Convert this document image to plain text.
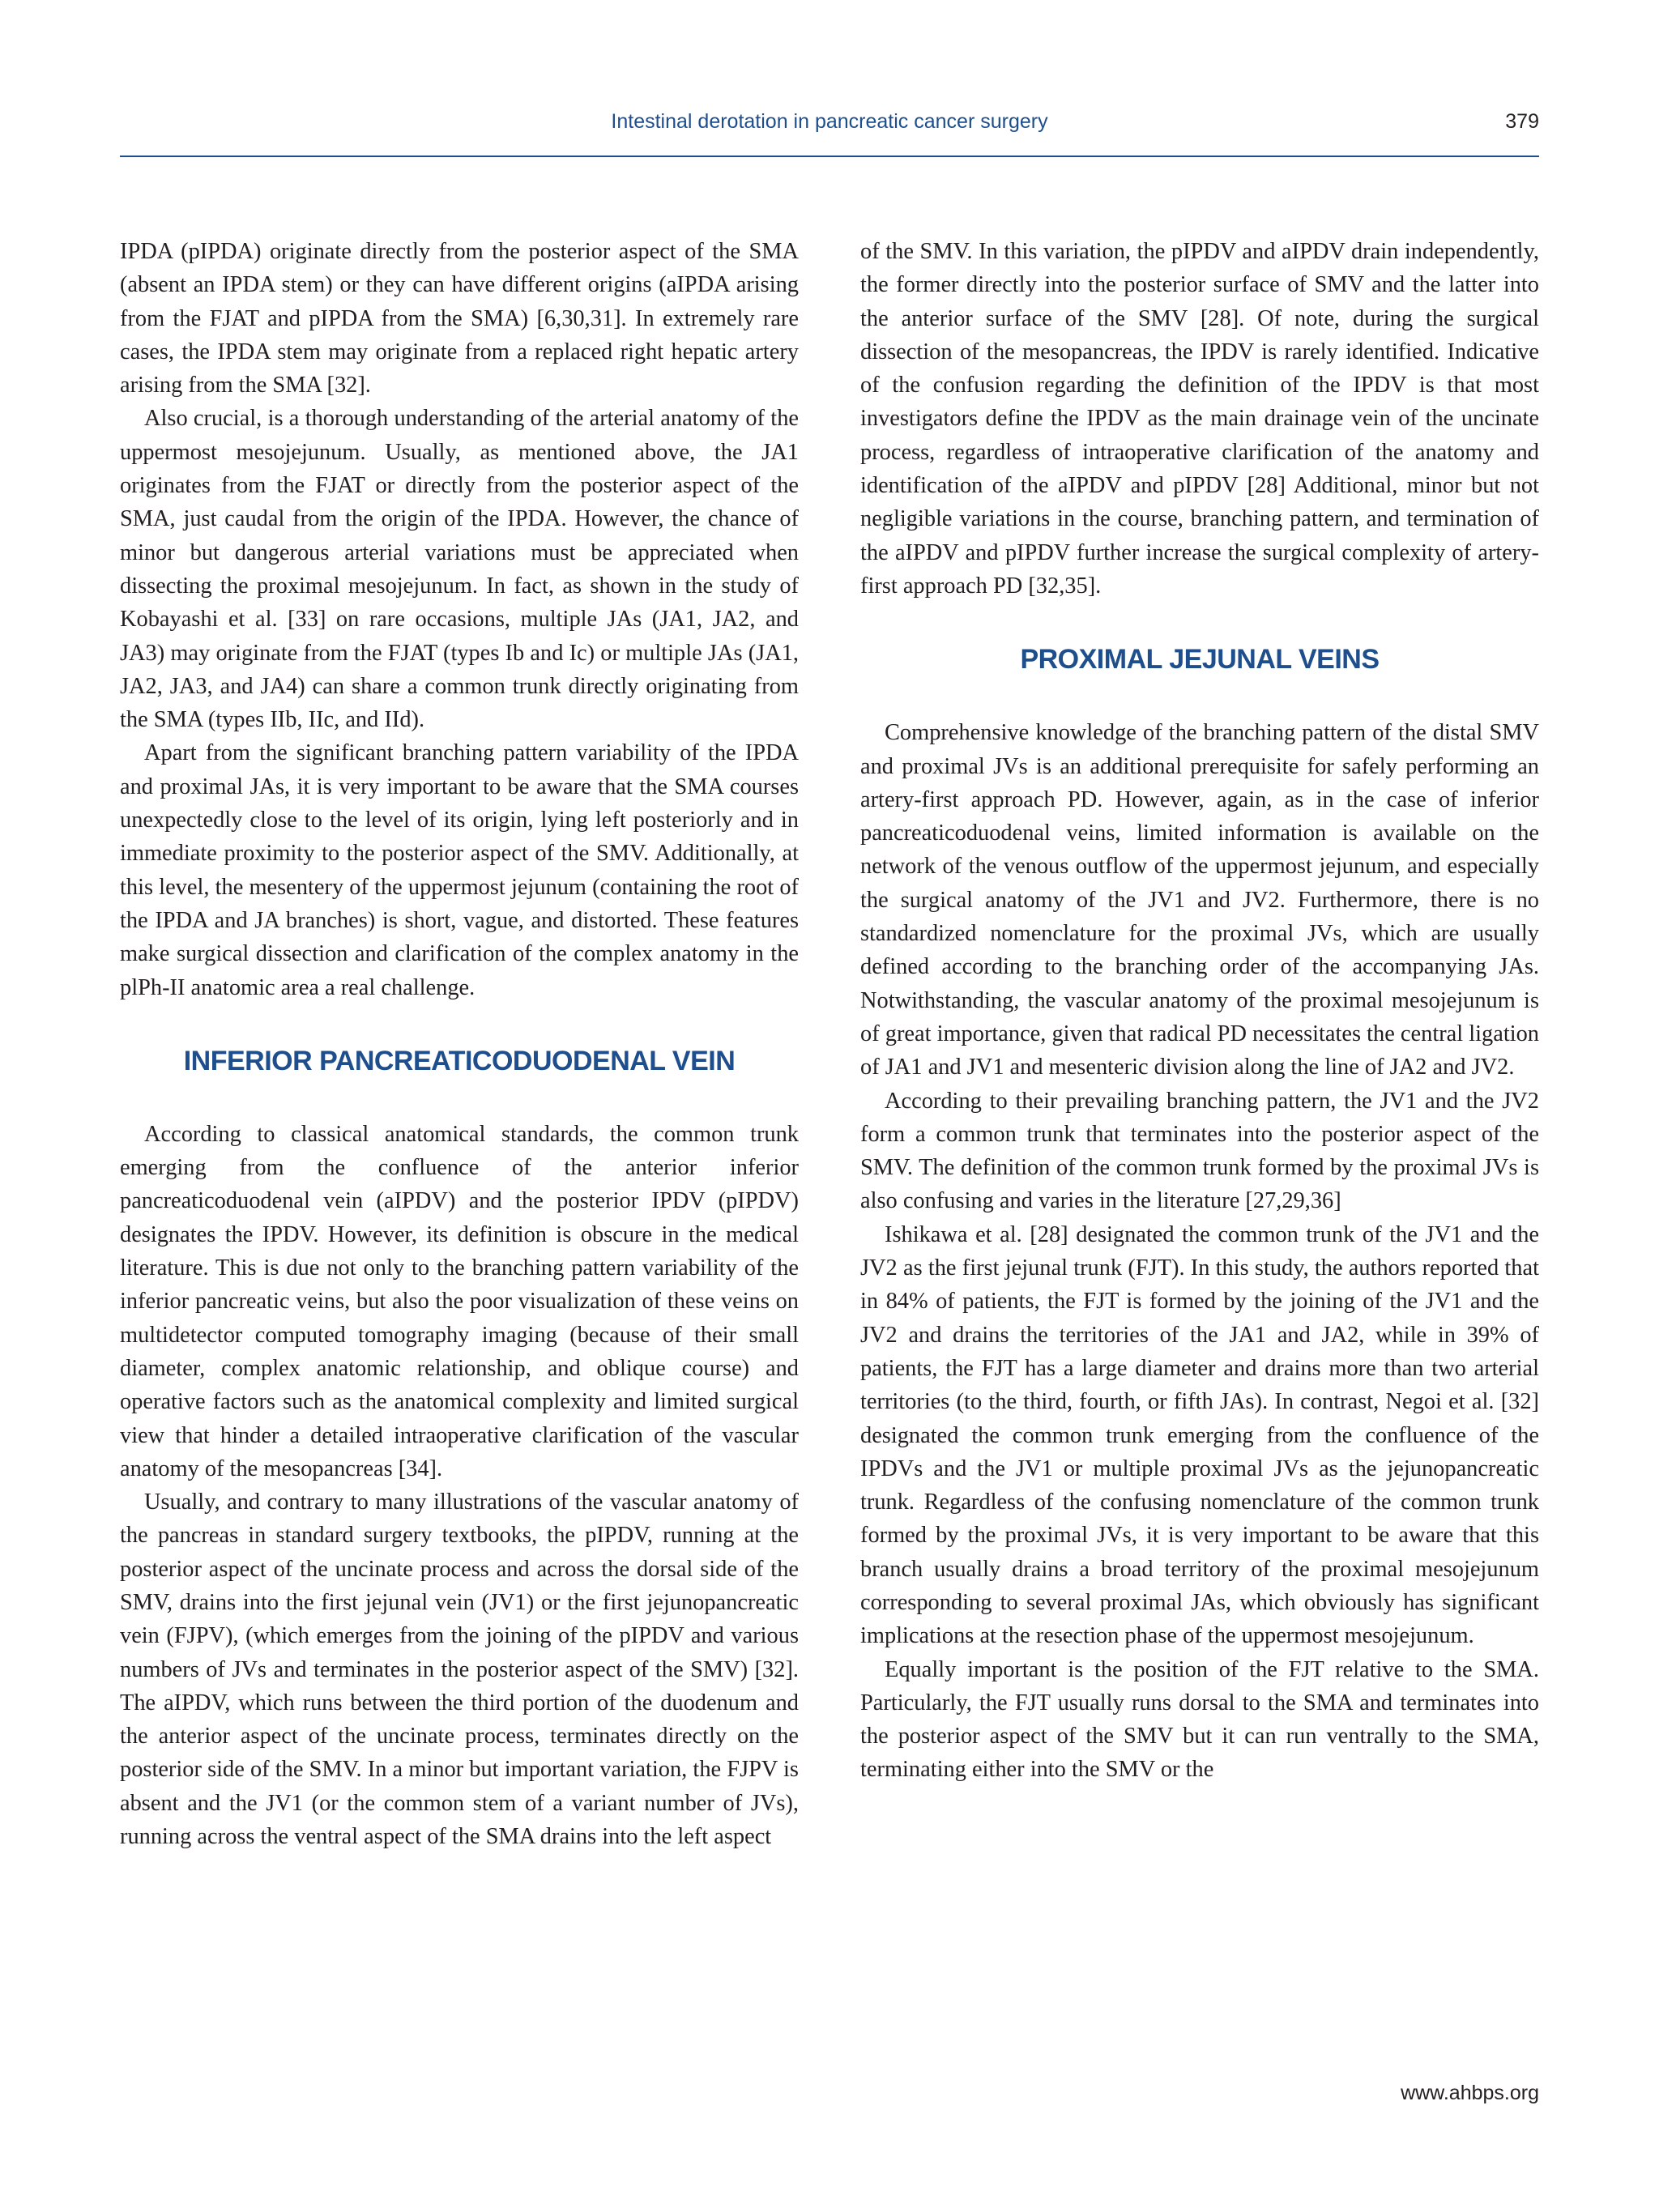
Intestinal derotation in pancreatic cancer surgery	379

IPDA (pIPDA) originate directly from the posterior aspect of the SMA (absent an IPDA stem) or they can have different origins (aIPDA arising from the FJAT and pIPDA from the SMA) [6,30,31]. In extremely rare cases, the IPDA stem may originate from a replaced right hepatic artery arising from the SMA [32].

Also crucial, is a thorough understanding of the arterial anatomy of the uppermost mesojejunum. Usually, as mentioned above, the JA1 originates from the FJAT or directly from the posterior aspect of the SMA, just caudal from the origin of the IPDA. However, the chance of minor but dangerous arterial variations must be appreciated when dissecting the proximal mesojejunum. In fact, as shown in the study of Kobayashi et al. [33] on rare occasions, multiple JAs (JA1, JA2, and JA3) may originate from the FJAT (types Ib and Ic) or multiple JAs (JA1, JA2, JA3, and JA4) can share a common trunk directly originating from the SMA (types IIb, IIc, and IId).

Apart from the significant branching pattern variability of the IPDA and proximal JAs, it is very important to be aware that the SMA courses unexpectedly close to the level of its origin, lying left posteriorly and in immediate proximity to the posterior aspect of the SMV. Additionally, at this level, the mesentery of the uppermost jejunum (containing the root of the IPDA and JA branches) is short, vague, and distorted. These features make surgical dissection and clarification of the complex anatomy in the plPh-II anatomic area a real challenge.

INFERIOR PANCREATICODUODENAL VEIN

According to classical anatomical standards, the common trunk emerging from the confluence of the anterior inferior pancreaticoduodenal vein (aIPDV) and the posterior IPDV (pIPDV) designates the IPDV. However, its definition is obscure in the medical literature. This is due not only to the branching pattern variability of the inferior pancreatic veins, but also the poor visualization of these veins on multidetector computed tomography imaging (because of their small diameter, complex anatomic relationship, and oblique course) and operative factors such as the anatomical complexity and limited surgical view that hinder a detailed intraoperative clarification of the vascular anatomy of the mesopancreas [34].

Usually, and contrary to many illustrations of the vascular anatomy of the pancreas in standard surgery textbooks, the pIPDV, running at the posterior aspect of the uncinate process and across the dorsal side of the SMV, drains into the first jejunal vein (JV1) or the first jejunopancreatic vein (FJPV), (which emerges from the joining of the pIPDV and various numbers of JVs and terminates in the posterior aspect of the SMV) [32]. The aIPDV, which runs between the third portion of the duodenum and the anterior aspect of the uncinate process, terminates directly on the posterior side of the SMV. In a minor but important variation, the FJPV is absent and the JV1 (or the common stem of a variant number of JVs), running across the ventral aspect of the SMA drains into the left aspect

of the SMV. In this variation, the pIPDV and aIPDV drain independently, the former directly into the posterior surface of SMV and the latter into the anterior surface of the SMV [28]. Of note, during the surgical dissection of the mesopancreas, the IPDV is rarely identified. Indicative of the confusion regarding the definition of the IPDV is that most investigators define the IPDV as the main drainage vein of the uncinate process, regardless of intraoperative clarification of the anatomy and identification of the aIPDV and pIPDV [28] Additional, minor but not negligible variations in the course, branching pattern, and termination of the aIPDV and pIPDV further increase the surgical complexity of artery-first approach PD [32,35].

PROXIMAL JEJUNAL VEINS

Comprehensive knowledge of the branching pattern of the distal SMV and proximal JVs is an additional prerequisite for safely performing an artery-first approach PD. However, again, as in the case of inferior pancreaticoduodenal veins, limited information is available on the network of the venous outflow of the uppermost jejunum, and especially the surgical anatomy of the JV1 and JV2. Furthermore, there is no standardized nomenclature for the proximal JVs, which are usually defined according to the branching order of the accompanying JAs. Notwithstanding, the vascular anatomy of the proximal mesojejunum is of great importance, given that radical PD necessitates the central ligation of JA1 and JV1 and mesenteric division along the line of JA2 and JV2.

According to their prevailing branching pattern, the JV1 and the JV2 form a common trunk that terminates into the posterior aspect of the SMV. The definition of the common trunk formed by the proximal JVs is also confusing and varies in the literature [27,29,36]

Ishikawa et al. [28] designated the common trunk of the JV1 and the JV2 as the first jejunal trunk (FJT). In this study, the authors reported that in 84% of patients, the FJT is formed by the joining of the JV1 and the JV2 and drains the territories of the JA1 and JA2, while in 39% of patients, the FJT has a large diameter and drains more than two arterial territories (to the third, fourth, or fifth JAs). In contrast, Negoi et al. [32] designated the common trunk emerging from the confluence of the IPDVs and the JV1 or multiple proximal JVs as the jejunopancreatic trunk. Regardless of the confusing nomenclature of the common trunk formed by the proximal JVs, it is very important to be aware that this branch usually drains a broad territory of the proximal mesojejunum corresponding to several proximal JAs, which obviously has significant implications at the resection phase of the uppermost mesojejunum.

Equally important is the position of the FJT relative to the SMA. Particularly, the FJT usually runs dorsal to the SMA and terminates into the posterior aspect of the SMV but it can run ventrally to the SMA, terminating either into the SMV or the

www.ahbps.org
